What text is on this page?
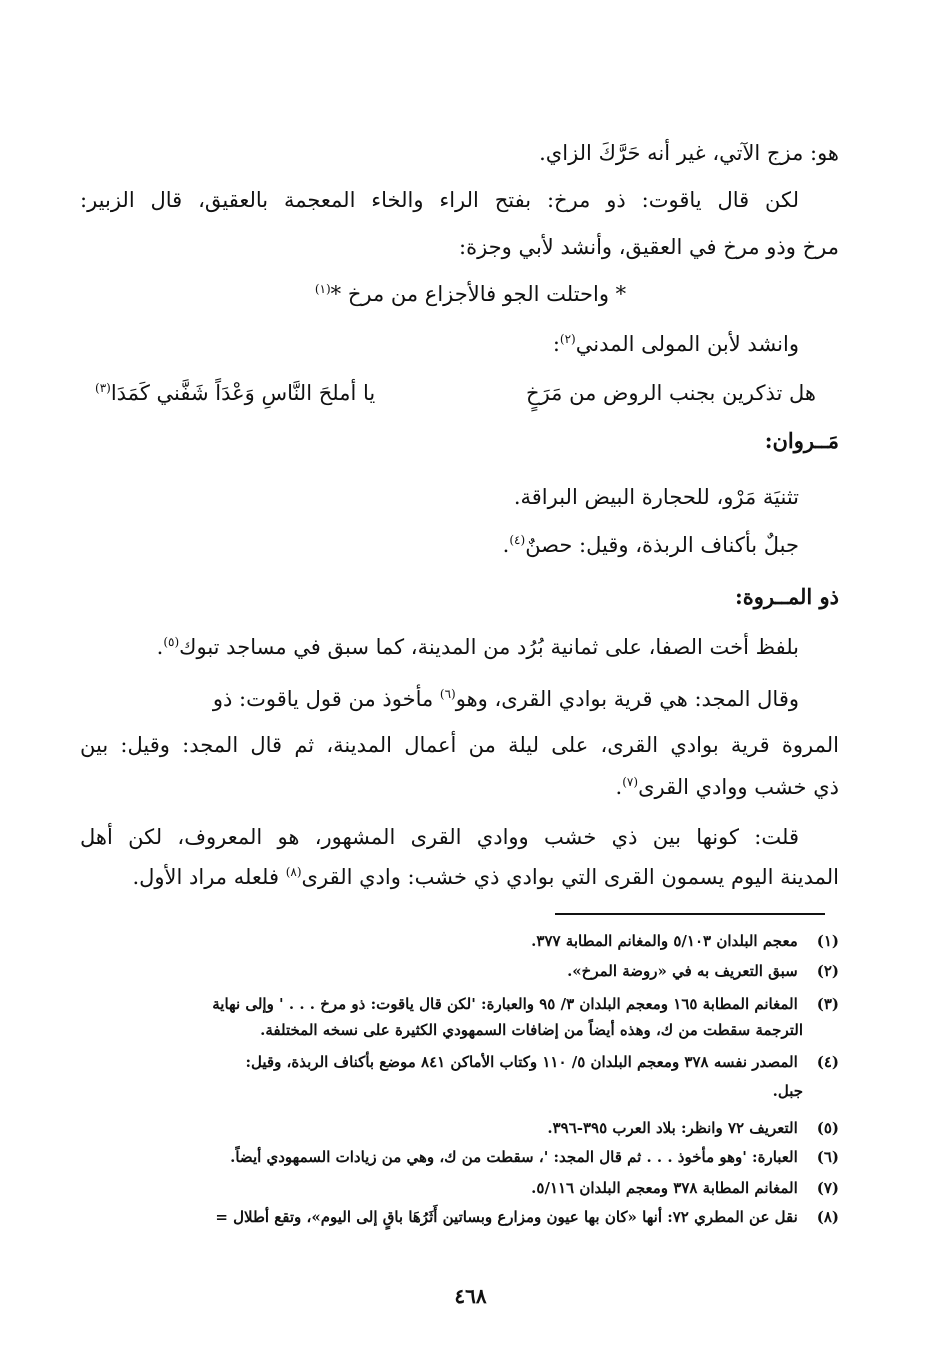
هو: مزج الآتي، غير أنه حَرَّكَ الزاي.
لكن قال ياقوت: ذو مرخ: بفتح الراء والخاء المعجمة بالعقيق، قال الزبير:
مرخ وذو مرخ في العقيق، وأنشد لأبي وجزة:
* واحتلت الجو فالأجزاع من مرخ *$^{(١)}$
وانشد لأبن المولى المدني$^{(٢)}$:
هل تذكرين بجنب الروض من مَرَخٍ
يا أملحَ النَّاسِ وَعْدَاً شَفَّني كَمَدَا$^{(٣)}$
مَــروان:
تثنيَة مَرْو، للحجارة البيض البراقة.
جبلٌ بأكناف الربذة، وقيل: حصنٌ$^{(٤)}$.
ذو المــروة:
بلفظ أخت الصفا، على ثمانية بُرُد من المدينة، كما سبق في مساجد تبوك$^{(٥)}$.
وقال المجد: هي قرية بوادي القرى، وهو$^{(٦)}$ مأخوذ من قول ياقوت: ذو
المروة قرية بوادي القرى، على ليلة من أعمال المدينة، ثم قال المجد: وقيل: بين
ذي خشب ووادي القرى$^{(٧)}$.
قلت: كونها بين ذي خشب ووادي القرى المشهور، هو المعروف، لكن أهل
المدينة اليوم يسمون القرى التي بوادي ذي خشب: وادي القرى$^{(٨)}$ فلعله مراد الأول.
(١) معجم البلدان ٥/١٠٣ والمغانم المطابة ٣٧٧.
(٢) سبق التعريف به في «روضة المرخ».
(٣) المغانم المطابة ١٦٥ ومعجم البلدان ٣/ ٩٥ والعبارة: 'لكن قال ياقوت: ذو مرخ . . . ' وإلى نهاية
الترجمة سقطت من ك، وهذه أيضاً من إضافات السمهودي الكثيرة على نسخه المختلفة.
(٤) المصدر نفسه ٣٧٨ ومعجم البلدان ٥/ ١١٠ وكتاب الأماكن ٨٤١ موضع بأكناف الربذة، وقيل:
جبل.
(٥) التعريف ٧٢ وانظر: بلاد العرب ٣٩٥-٣٩٦.
(٦) العبارة: 'وهو مأخوذ . . . ثم قال المجد: '، سقطت من ك، وهي من زيادات السمهودي أيضاً.
(٧) المغانم المطابة ٣٧٨ ومعجم البلدان ٥/١١٦.
(٨) نقل عن المطري ٧٢: أنها «كان بها عيون ومزارع وبساتين أَثَرُهَا باقٍ إلى اليوم»، وتقع أطلال =
٤٦٨
